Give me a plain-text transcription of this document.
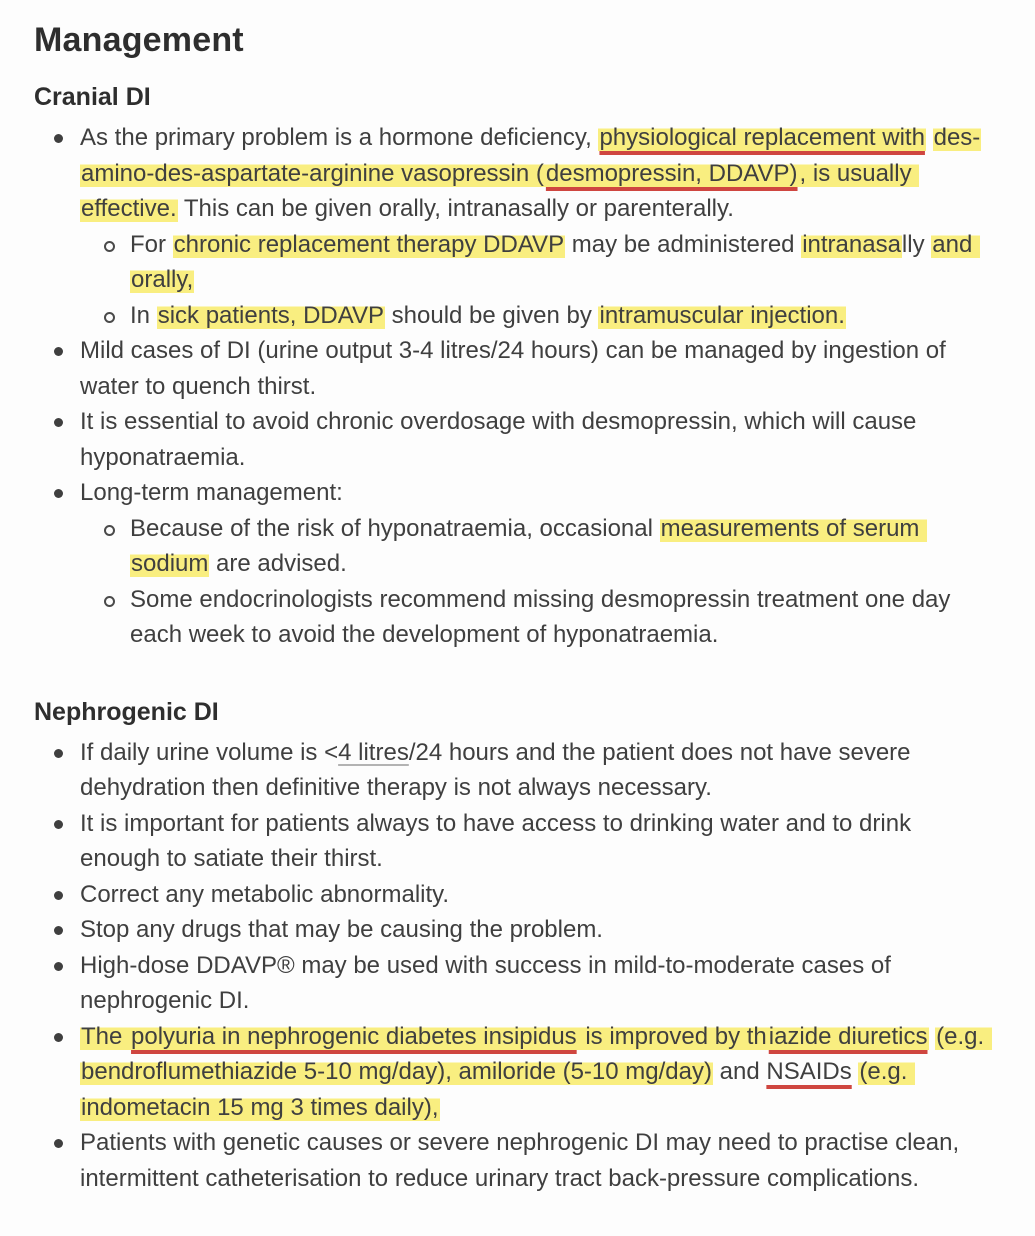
Management
Cranial DI
As the primary problem is a hormone deficiency, physiological replacement with des-amino-des-aspartate-arginine vasopressin (desmopressin, DDAVP), is usually effective. This can be given orally, intranasally or parenterally.
For chronic replacement therapy DDAVP may be administered intranasally and orally,
In sick patients, DDAVP should be given by intramuscular injection.
Mild cases of DI (urine output 3-4 litres/24 hours) can be managed by ingestion of water to quench thirst.
It is essential to avoid chronic overdosage with desmopressin, which will cause hyponatraemia.
Long-term management:
Because of the risk of hyponatraemia, occasional measurements of serum sodium are advised.
Some endocrinologists recommend missing desmopressin treatment one day each week to avoid the development of hyponatraemia.
Nephrogenic DI
If daily urine volume is <4 litres/24 hours and the patient does not have severe dehydration then definitive therapy is not always necessary.
It is important for patients always to have access to drinking water and to drink enough to satiate their thirst.
Correct any metabolic abnormality.
Stop any drugs that may be causing the problem.
High-dose DDAVP® may be used with success in mild-to-moderate cases of nephrogenic DI.
The polyuria in nephrogenic diabetes insipidus is improved by thiazide diuretics (e.g. bendroflumethiazide 5-10 mg/day), amiloride (5-10 mg/day) and NSAIDs (e.g. indometacin 15 mg 3 times daily),
Patients with genetic causes or severe nephrogenic DI may need to practise clean, intermittent catheterisation to reduce urinary tract back-pressure complications.
